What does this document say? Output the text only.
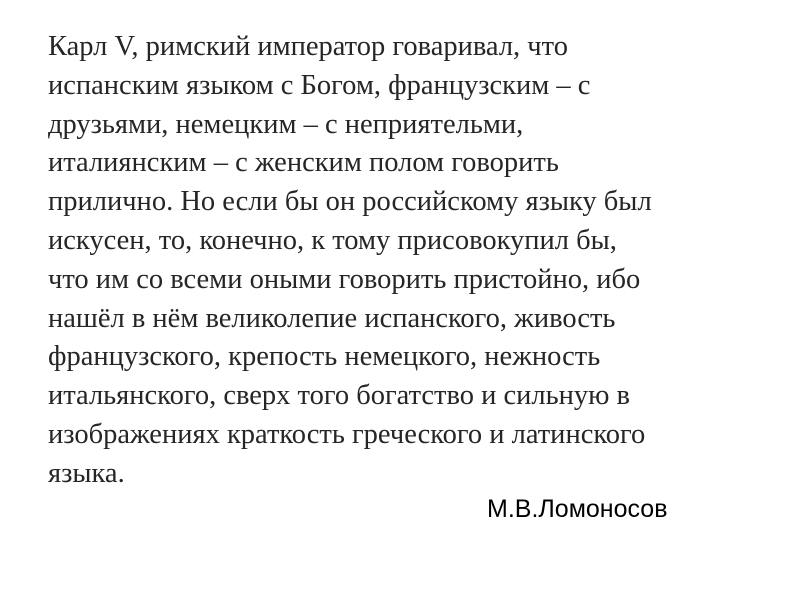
Карл V, римский император говаривал, что
испанским языком с Богом, французским – с
друзьями, немецким – с неприятельми,
италиянским – с женским полом говорить
прилично. Но если бы он российскому языку был
искусен, то, конечно, к тому присовокупил бы,
что им со всеми оными говорить пристойно, ибо
нашёл в нём великолепие испанского, живость
французского, крепость немецкого, нежность
итальянского, сверх того богатство и сильную в
изображениях краткость греческого и латинского
языка.

М.В.Ломоносов
